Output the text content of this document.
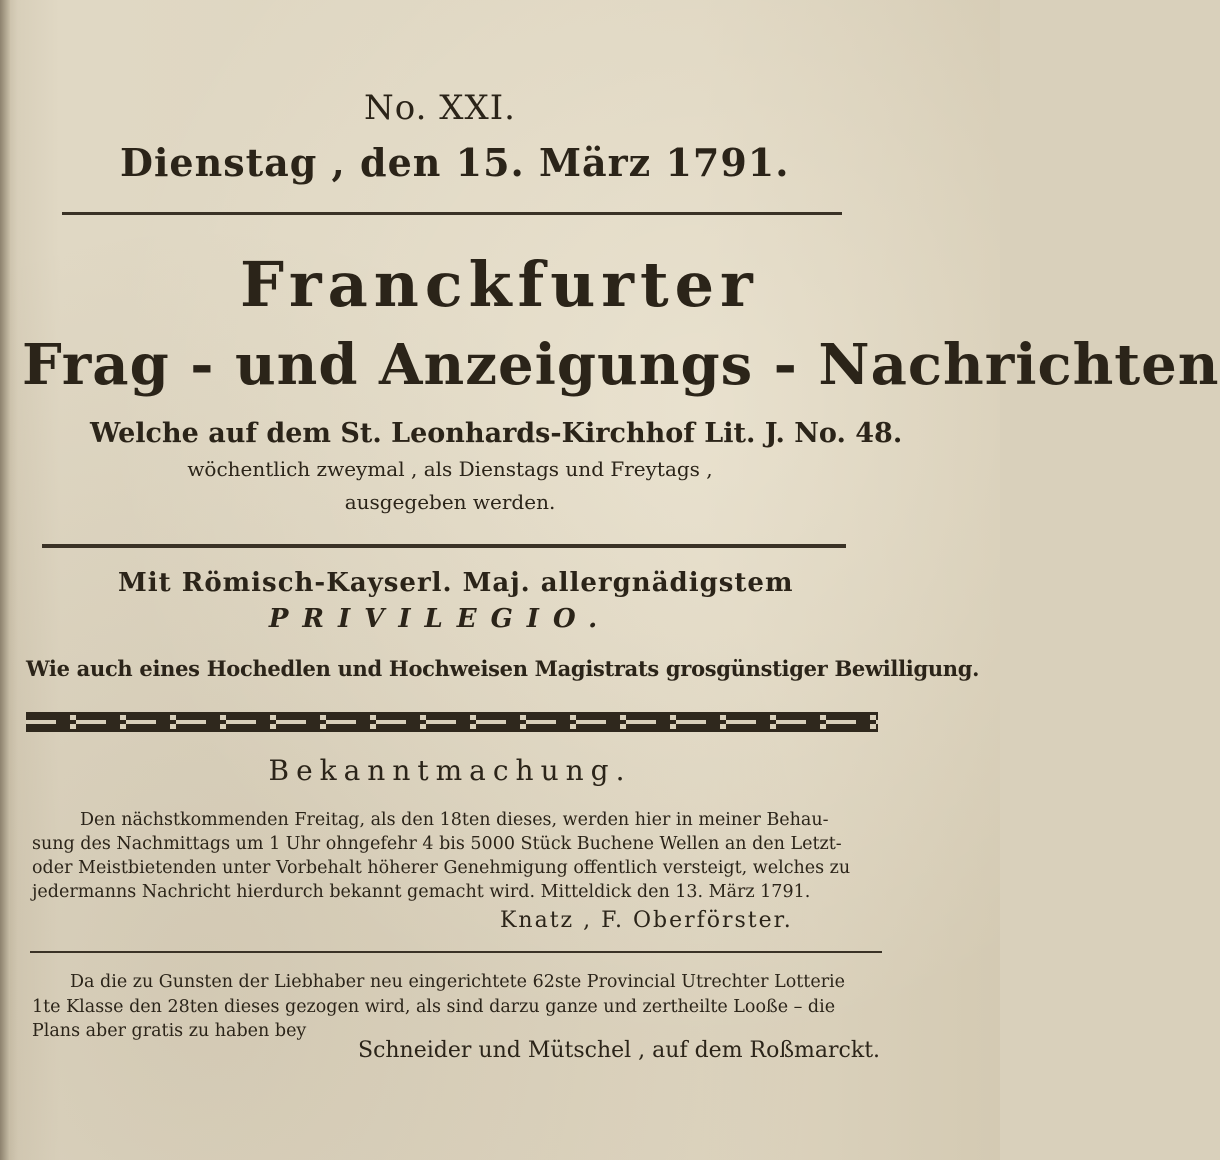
No. XXI.
Dienstag , den 15. März 1791.
Franckfurter
Frag - und Anzeigungs - Nachrichten
Welche auf dem St. Leonhards-Kirchhof Lit. J. No. 48.
wöchentlich zweymal , als Dienstags und Freytags ,
ausgegeben werden.
Mit Römisch-Kayserl. Maj. allergnädigstem
PRIVILEGIO.
Wie auch eines Hochedlen und Hochweisen Magistrats grosgünstiger Bewilligung.
Bekanntmachung.
Den nächstkommenden Freitag, als den 18ten dieses, werden hier in meiner Behau-
sung des Nachmittags um 1 Uhr ohngefehr 4 bis 5000 Stück Buchene Wellen an den Letzt-
oder Meistbietenden unter Vorbehalt höherer Genehmigung offentlich versteigt, welches zu
jedermanns Nachricht hierdurch bekannt gemacht wird. Mitteldick den 13. März 1791.
Knatz , F. Oberförster.
Da die zu Gunsten der Liebhaber neu eingerichtete 62ste Provincial Utrechter Lotterie
1te Klasse den 28ten dieses gezogen wird, als sind darzu ganze und zertheilte Looße – die
Plans aber gratis zu haben bey
Schneider und Mütschel , auf dem Roßmarckt.
